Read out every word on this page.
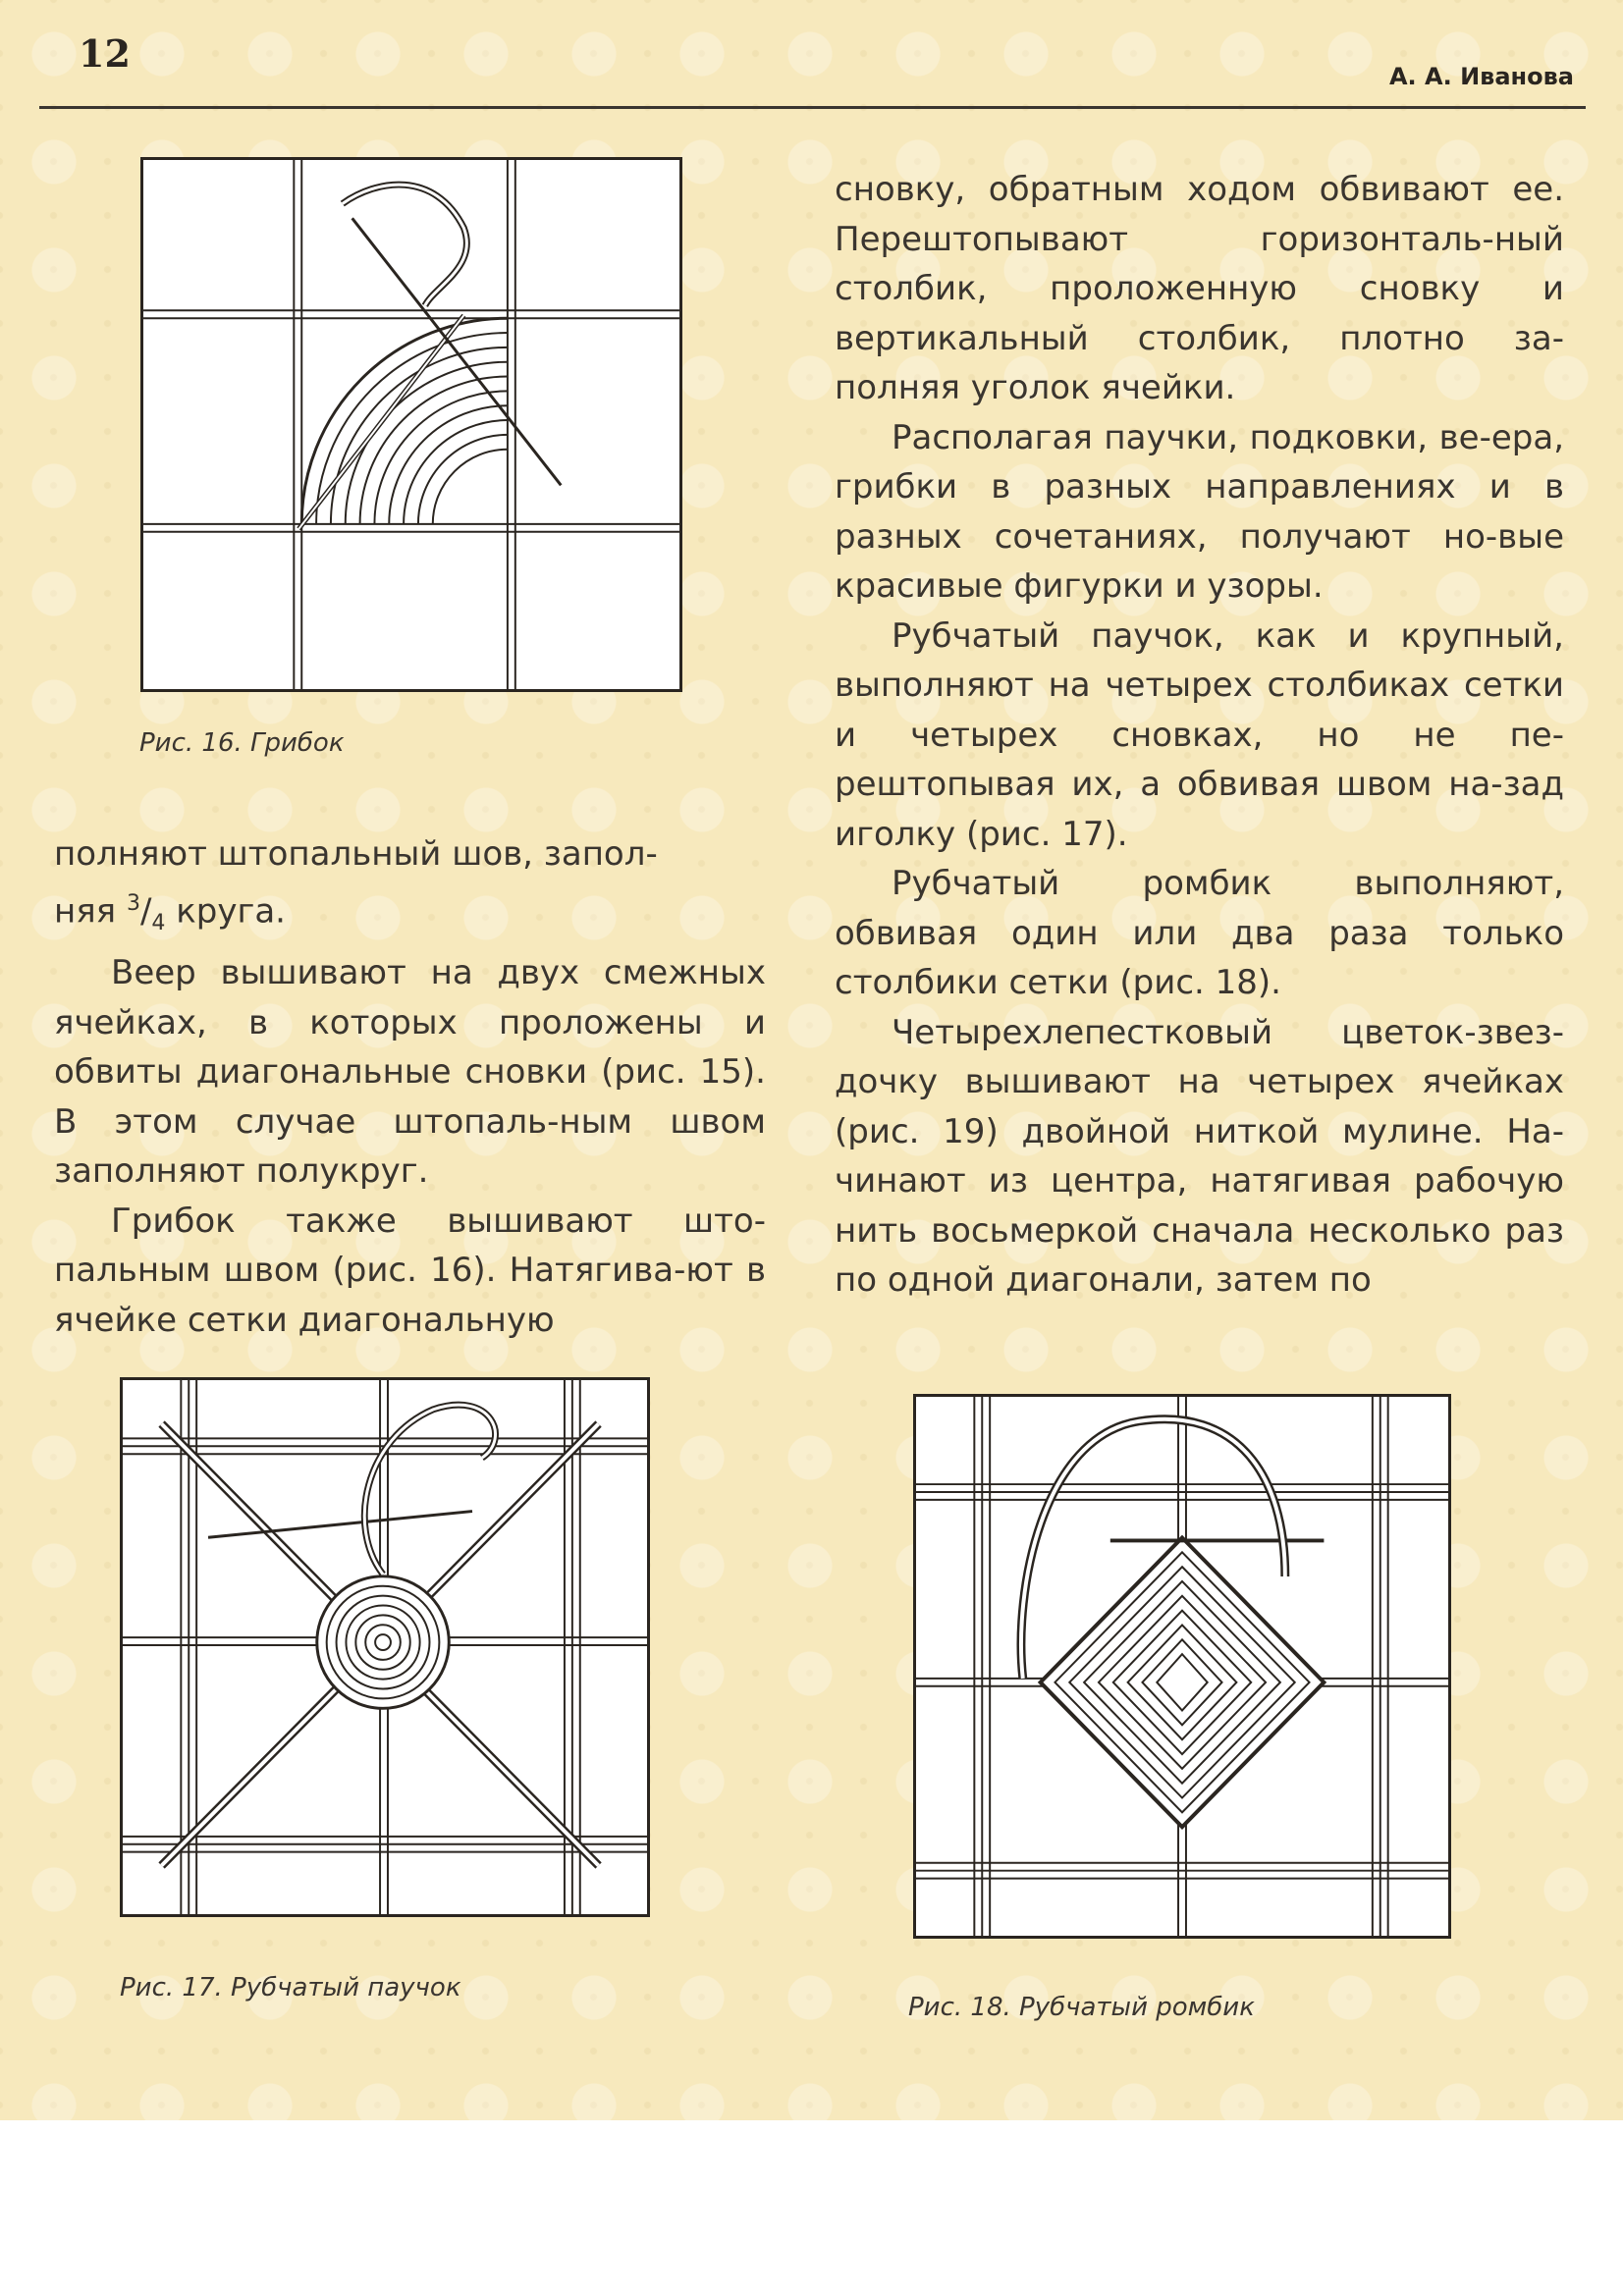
12
А. А. Иванова
Рис. 16. Грибок

полняют штопальный шов, запол-
няя $^3/_4$ круга.

Веер вышивают на двух смежных ячейках, в которых проложены и обвиты диагональные сновки (рис. 15). В этом случае штопаль-ным швом заполняют полукруг.

Грибок также вышивают што-пальным швом (рис. 16). Натягива-ют в ячейке сетки диагональную

сновку, обратным ходом обвивают ее. Перештопывают горизонталь-ный столбик, проложенную сновку и вертикальный столбик, плотно за-полняя уголок ячейки.

Располагая паучки, подковки, ве-ера, грибки в разных направлениях и в разных сочетаниях, получают но-вые красивые фигурки и узоры.

Рубчатый паучок, как и крупный, выполняют на четырех столбиках сетки и четырех сновках, но не пе-рештопывая их, а обвивая швом на-зад иголку (рис. 17).

Рубчатый ромбик выполняют, обвивая один или два раза только столбики сетки (рис. 18).

Четырехлепестковый цветок-звез-дочку вышивают на четырех ячейках (рис. 19) двойной ниткой мулине. На-чинают из центра, натягивая рабочую нить восьмеркой сначала несколько раз по одной диагонали, затем по

Рис. 17. Рубчатый паучок
Рис. 18. Рубчатый ромбик
